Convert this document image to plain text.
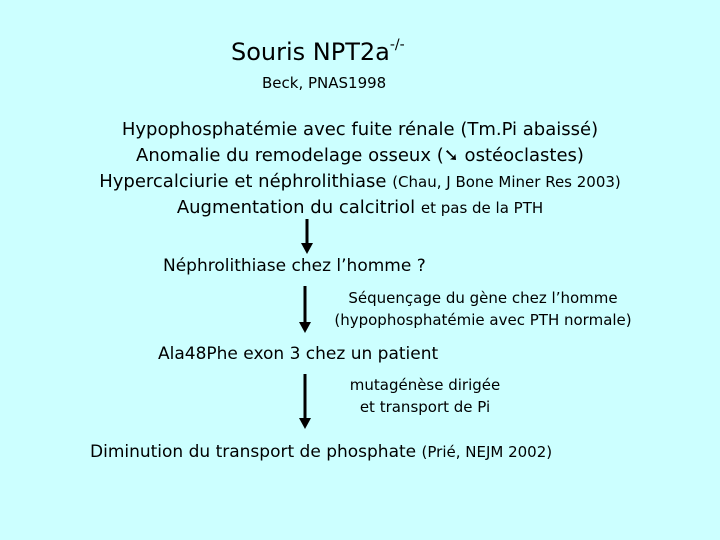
Souris NPT2a-/-
Beck, PNAS1998
Hypophosphatémie avec fuite rénale (Tm.Pi abaissé)
Anomalie du remodelage osseux (➘ ostéoclastes)
Hypercalciurie et néphrolithiase (Chau, J Bone Miner Res 2003)
Augmentation du calcitriol et pas de la PTH
Néphrolithiase chez l’homme ?
Séquençage du gène chez l’homme
(hypophosphatémie avec PTH normale)
Ala48Phe exon 3 chez un patient
mutagénèse dirigée
et transport de Pi
Diminution du transport de phosphate (Prié, NEJM 2002)
